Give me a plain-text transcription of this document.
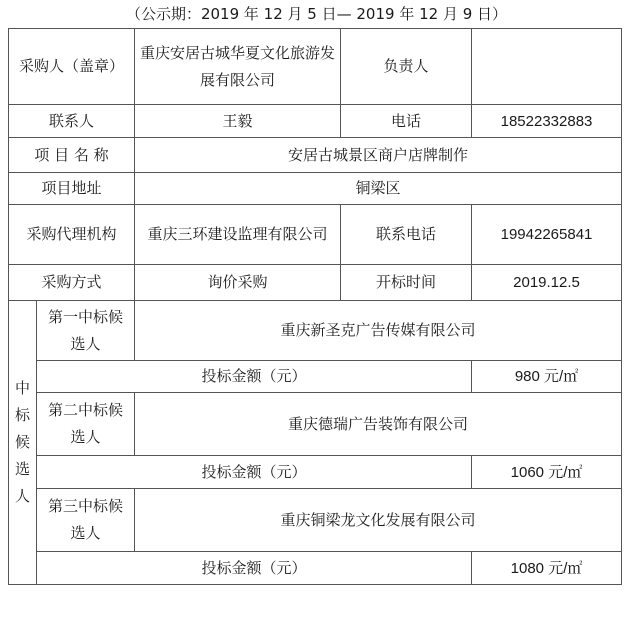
（公示期：2019 年 12 月 5 日— 2019 年 12 月 9 日）
采购人（盖章）		重庆安居古城华夏文化旅游发展有限公司	负责人	
联系人		王毅	电话	18522332883
项 目 名 称		安居古城景区商户店牌制作		
项目地址		铜梁区		
采购代理机构		重庆三环建设监理有限公司	联系电话	19942265841
采购方式		询价采购	开标时间	2019.12.5

中
标
候
选
人	第一中标候选人	重庆新圣克广告传媒有限公司		
	投标金额（元）			980 元/㎡
	第二中标候选人	重庆德瑞广告装饰有限公司		
	投标金额（元）			1060 元/㎡
	第三中标候选人	重庆铜梁龙文化发展有限公司		
	投标金额（元）			1080 元/㎡
